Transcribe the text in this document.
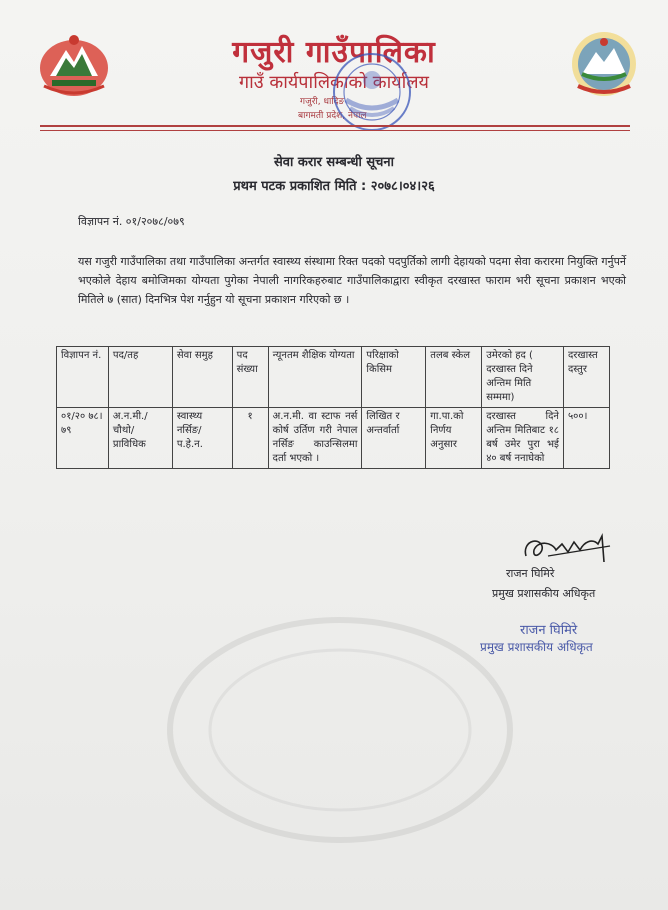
गजुरी गाउँपालिका
गाउँ कार्यपालिकाको कार्यालय
गजुरी, धादिङ
बागमती प्रदेश, नेपाल
सेवा करार सम्बन्धी सूचना
प्रथम पटक प्रकाशित मिति : २०७८।०४।२६
विज्ञापन नं. ०१/२०७८/०७९
यस गजुरी गाउँपालिका तथा गाउँपालिका अन्तर्गत स्वास्थ्य संस्थामा रिक्त पदको पदपुर्तिको लागी देहायको पदमा सेवा करारमा नियुक्ति गर्नुपर्ने भएकोले देहाय बमोजिमका योग्यता पुगेका नेपाली नागरिकहरुबाट गाउँपालिकाद्वारा स्वीकृत दरखास्त फाराम भरी सूचना प्रकाशन भएको मितिले ७ (सात) दिनभित्र पेश गर्नुहुन यो सूचना प्रकाशन गरिएको छ ।
विज्ञापन नं.	पद/तह	सेवा समुह	पद संख्या	न्यूनतम शैक्षिक योग्यता	परिक्षाको किसिम	तलब स्केल	उमेरको हद ( दरखास्त दिने अन्तिम मिति सम्ममा)	दरखास्त दस्तुर
०१/२० ७८।७९	अ.न.मी./ चौथो/ प्राविधिक	स्वास्थ्य नर्सिङ/ प.हे.न.	१	अ.न.मी. वा स्टाफ नर्स कोर्ष उर्तिण गरी नेपाल नर्सिङ काउन्सिलमा दर्ता भएको ।	लिखित र अन्तर्वार्ता	गा.पा.को निर्णय अनुसार	दरखास्त दिने अन्तिम मितिबाट १८ बर्ष उमेर पुरा भई ४० बर्ष ननाघेको	५००।
राजन घिमिरे
प्रमुख प्रशासकीय अधिकृत
राजन घिमिरे
प्रमुख प्रशासकीय अधिकृत
